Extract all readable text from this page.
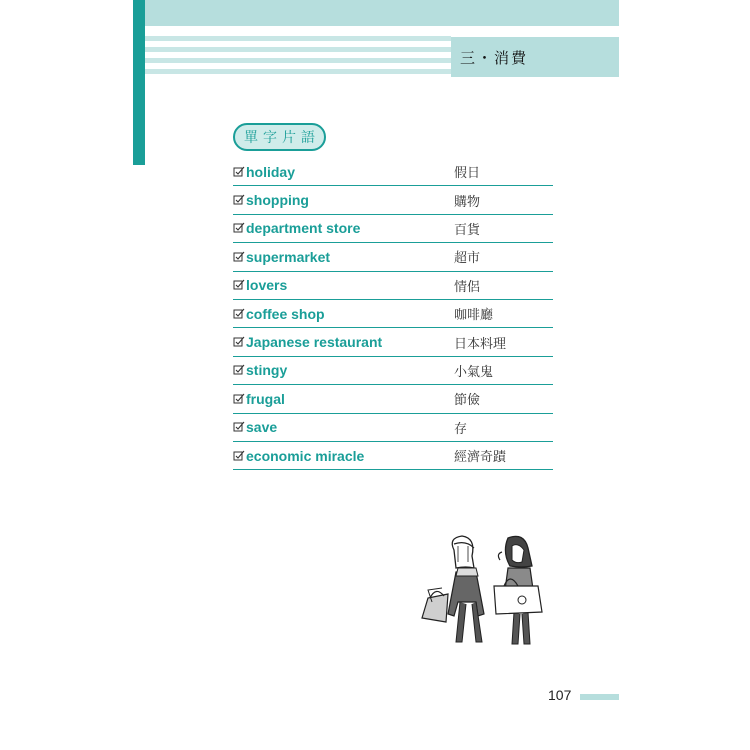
三・消費
單字片語
holiday	假日
shopping	購物
department store	百貨
supermarket	超市
lovers	情侶
coffee shop	咖啡廳
Japanese restaurant	日本料理
stingy	小氣鬼
frugal	節儉
save	存
economic miracle	經濟奇蹟
107
